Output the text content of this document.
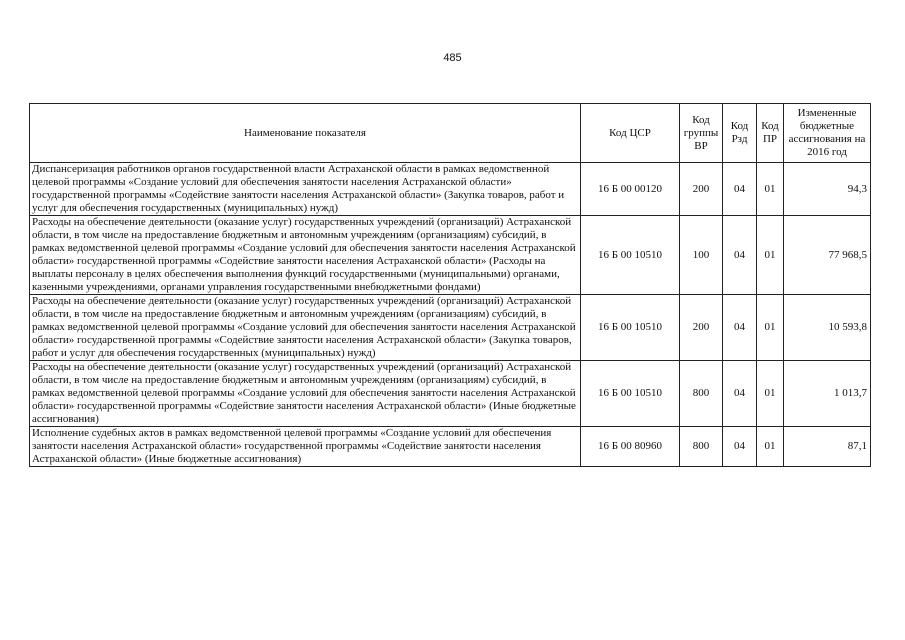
485
Наименование показателя	Код ЦСР	Код группы ВР	Код Рзд	Код ПР	Измененные бюджетные ассигнования на 2016 год
Диспансеризация работников органов государственной власти Астраханской области в рамках ведомственной целевой программы «Создание условий для обеспечения занятости населения Астраханской области» государственной программы «Содействие занятости населения Астраханской области» (Закупка товаров, работ и услуг для обеспечения государственных (муниципальных) нужд)	16 Б 00 00120	200	04	01	94,3
Расходы на обеспечение деятельности (оказание услуг) государственных учреждений (организаций) Астраханской области, в том числе на предоставление бюджетным и автономным учреждениям (организациям) субсидий, в рамках ведомственной целевой программы «Создание условий для обеспечения занятости населения Астраханской области» государственной программы «Содействие занятости населения Астраханской области» (Расходы на выплаты персоналу в целях обеспечения выполнения функций государственными (муниципальными) органами, казенными учреждениями, органами управления государственными внебюджетными фондами)	16 Б 00 10510	100	04	01	77 968,5
Расходы на обеспечение деятельности (оказание услуг) государственных учреждений (организаций) Астраханской области, в том числе на предоставление бюджетным и автономным учреждениям (организациям) субсидий, в рамках ведомственной целевой программы «Создание условий для обеспечения занятости населения Астраханской области» государственной программы «Содействие занятости населения Астраханской области» (Закупка товаров, работ и услуг для обеспечения государственных (муниципальных) нужд)	16 Б 00 10510	200	04	01	10 593,8
Расходы на обеспечение деятельности (оказание услуг) государственных учреждений (организаций) Астраханской области, в том числе на предоставление бюджетным и автономным учреждениям (организациям) субсидий, в рамках ведомственной целевой программы «Создание условий для обеспечения занятости населения Астраханской области» государственной программы «Содействие занятости населения Астраханской области» (Иные бюджетные ассигнования)	16 Б 00 10510	800	04	01	1 013,7
Исполнение судебных актов в рамках ведомственной целевой программы «Создание условий для обеспечения занятости населения Астраханской области» государственной программы «Содействие занятости населения Астраханской области» (Иные бюджетные ассигнования)	16 Б 00 80960	800	04	01	87,1
